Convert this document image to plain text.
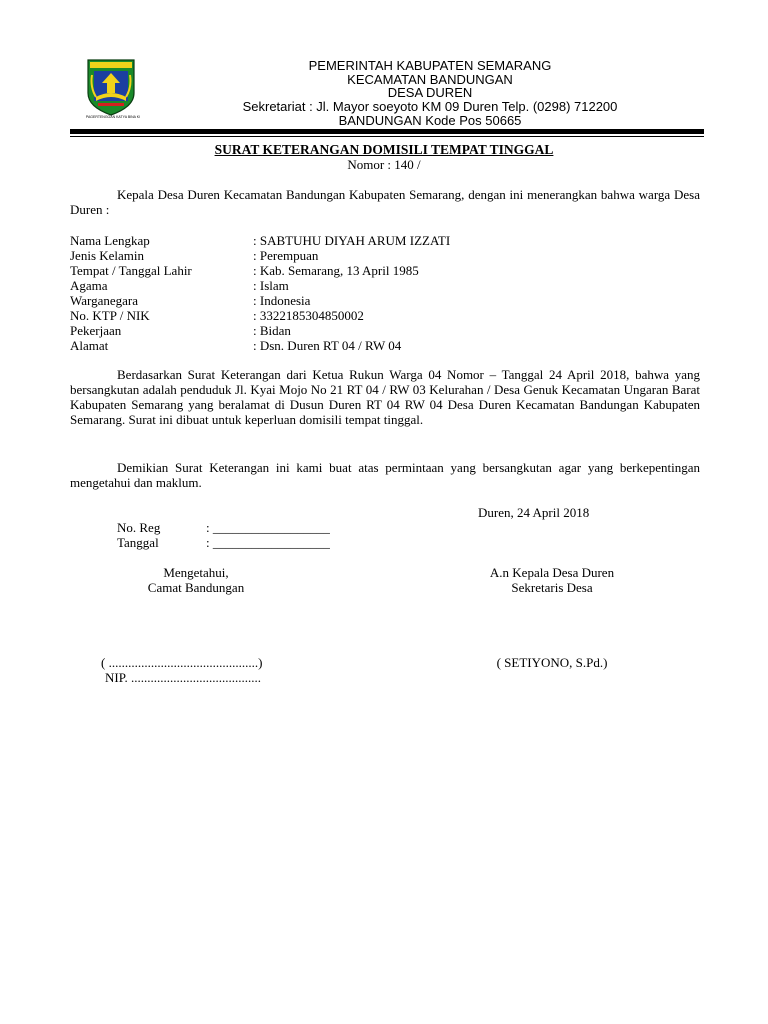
PAGERTENGGAN KATYA BINA KI
PEMERINTAH KABUPATEN SEMARANG
KECAMATAN BANDUNGAN
DESA DUREN
Sekretariat : Jl. Mayor soeyoto KM 09 Duren Telp. (0298) 712200
BANDUNGAN Kode Pos 50665
SURAT KETERANGAN DOMISILI TEMPAT TINGGAL
Nomor : 140 /
Kepala Desa Duren Kecamatan Bandungan Kabupaten Semarang, dengan ini menerangkan bahwa warga Desa Duren :
Nama Lengkap	: SABTUHU DIYAH ARUM IZZATI
Jenis Kelamin	: Perempuan
Tempat / Tanggal Lahir	: Kab. Semarang, 13 April 1985
Agama	: Islam
Warganegara	: Indonesia
No. KTP / NIK	: 3322185304850002
Pekerjaan	: Bidan
Alamat	: Dsn. Duren RT 04 / RW 04
Berdasarkan Surat Keterangan dari Ketua Rukun Warga 04 Nomor – Tanggal 24 April 2018, bahwa yang bersangkutan adalah penduduk Jl. Kyai Mojo No 21 RT 04 / RW 03 Kelurahan / Desa Genuk Kecamatan Ungaran Barat Kabupaten Semarang yang beralamat di Dusun Duren RT 04 RW 04 Desa Duren Kecamatan Bandungan Kabupaten Semarang. Surat ini dibuat untuk keperluan domisili tempat tinggal.
Demikian Surat Keterangan ini kami buat atas permintaan yang bersangkutan agar yang berkepentingan mengetahui dan maklum.
Duren, 24 April 2018
No. Reg	: __________________
Tanggal	: __________________
Mengetahui,
Camat Bandungan
( ..............................................)
NIP. ........................................
A.n Kepala Desa Duren
Sekretaris Desa
( SETIYONO, S.Pd.)
